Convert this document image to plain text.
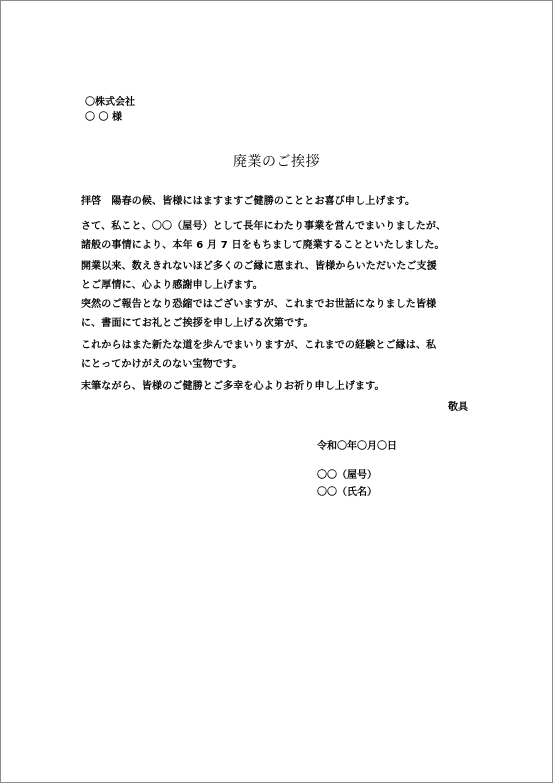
〇株式会社
〇 〇 様
廃業のご挨拶
拝啓　陽春の候、皆様にはますますご健勝のこととお喜び申し上げます。
さて、私こと、〇〇（屋号）として長年にわたり事業を営んでまいりましたが、
諸般の事情により、本年 6 月 7 日をもちまして廃業することといたしました。
開業以来、数えきれないほど多くのご縁に恵まれ、皆様からいただいたご支援
とご厚情に、心より感謝申し上げます。
突然のご報告となり恐縮ではございますが、これまでお世話になりました皆様
に、書面にてお礼とご挨拶を申し上げる次第です。
これからはまた新たな道を歩んでまいりますが、これまでの経験とご縁は、私
にとってかけがえのない宝物です。
末筆ながら、皆様のご健勝とご多幸を心よりお祈り申し上げます。
敬具
令和〇年〇月〇日
〇〇（屋号）
〇〇（氏名）
